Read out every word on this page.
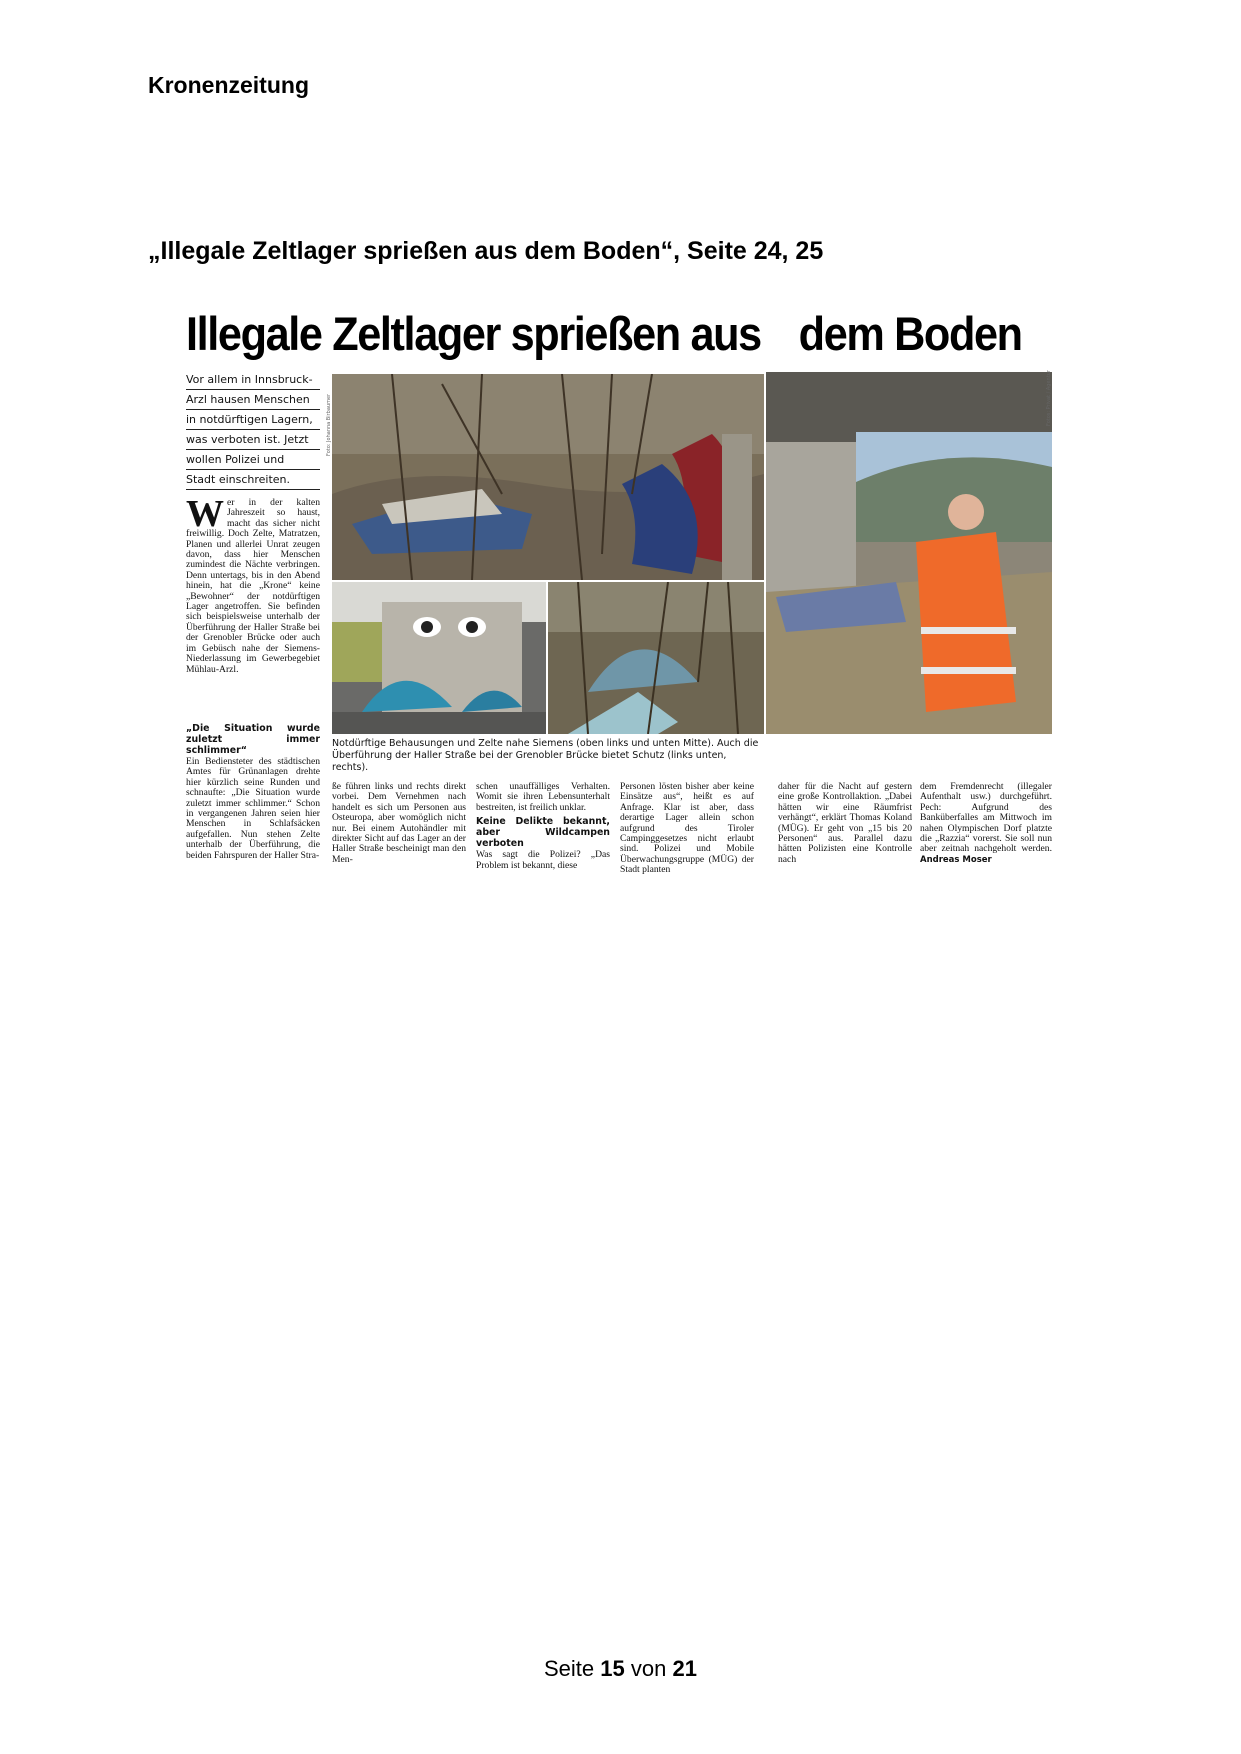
Kronenzeitung
„Illegale Zeltlager sprießen aus dem Boden“, Seite 24, 25
Illegale Zeltlager sprießen aus dem Boden
Vor allem in Innsbruck-
Arzl hausen Menschen
in notdürftigen Lagern,
was verboten ist. Jetzt
wollen Polizei und
Stadt einschreiten.
Wer in der kalten Jahreszeit so haust, macht das sicher nicht freiwillig. Doch Zelte, Matratzen, Planen und allerlei Unrat zeugen davon, dass hier Menschen zumindest die Nächte verbringen. Denn untertags, bis in den Abend hinein, hat die „Krone“ keine „Bewohner“ der notdürftigen Lager angetroffen. Sie befinden sich beispielsweise unterhalb der Überführung der Haller Straße bei der Grenobler Brücke oder auch im Gebüsch nahe der Siemens-Niederlassung im Gewerbegebiet Mühlau-Arzl.
„Die Situation wurde zuletzt immer schlimmer“
Ein Bediensteter des städtischen Amtes für Grünanlagen drehte hier kürzlich seine Runden und schnaufte: „Die Situation wurde zuletzt immer schlimmer.“ Schon in vergangenen Jahren seien hier Menschen in Schlafsäcken aufgefallen. Nun stehen Zelte unterhalb der Überführung, die beiden Fahrspuren der Haller Stra-
Foto: Johanna Birbaumer	Fotos: Privat / Agentur
Notdürftige Behausungen und Zelte nahe Siemens (oben links und unten Mitte). Auch die Überführung der Haller Straße bei der Grenobler Brücke bietet Schutz (links unten, rechts).
ße führen links und rechts direkt vorbei. Dem Vernehmen nach handelt es sich um Personen aus Osteuropa, aber womöglich nicht nur. Bei einem Autohändler mit direkter Sicht auf das Lager an der Haller Straße bescheinigt man den Men-
schen unauffälliges Verhalten. Womit sie ihren Lebensunterhalt bestreiten, ist freilich unklar.
Keine Delikte bekannt, aber Wildcampen verboten
Was sagt die Polizei? „Das Problem ist bekannt, diese
Personen lösten bisher aber keine Einsätze aus“, heißt es auf Anfrage. Klar ist aber, dass derartige Lager allein schon aufgrund des Tiroler Campinggesetzes nicht erlaubt sind. Polizei und Mobile Überwachungsgruppe (MÜG) der Stadt planten
daher für die Nacht auf gestern eine große Kontrollaktion. „Dabei hätten wir eine Räumfrist verhängt“, erklärt Thomas Koland (MÜG). Er geht von „15 bis 20 Personen“ aus. Parallel dazu hätten Polizisten eine Kontrolle nach
dem Fremdenrecht (illegaler Aufenthalt usw.) durchgeführt. Pech: Aufgrund des Banküberfalles am Mittwoch im nahen Olympischen Dorf platzte die „Razzia“ vorerst. Sie soll nun aber zeitnah nachgeholt werden. Andreas Moser
Seite 15 von 21
